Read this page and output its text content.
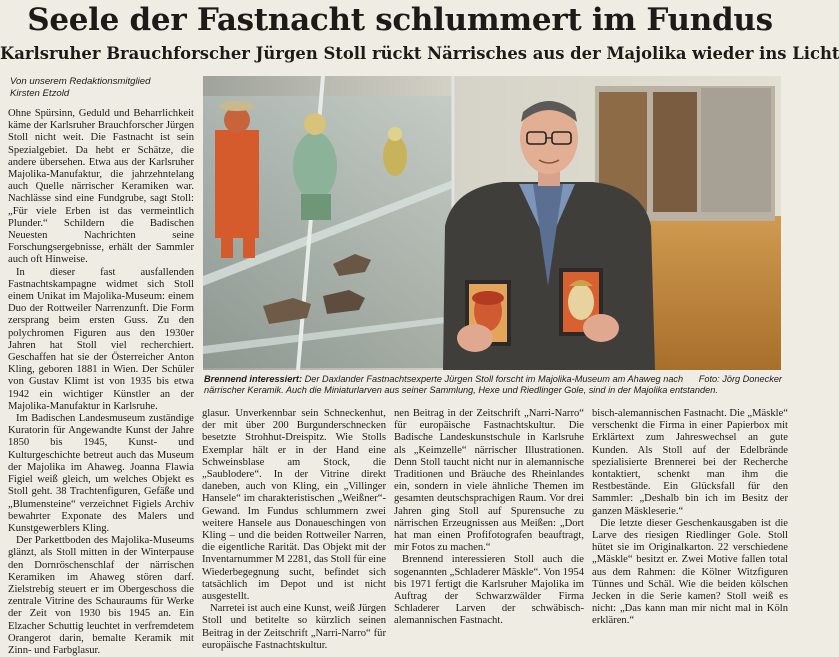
Seele der Fastnacht schlummert im Fundus
Karlsruher Brauchforscher Jürgen Stoll rückt Närrisches aus der Majolika wieder ins Licht
Von unserem Redaktionsmitglied
Kirsten Etzold

Ohne Spürsinn, Geduld und Beharrlichkeit käme der Karlsruher Brauchforscher Jürgen Stoll nicht weit. Die Fastnacht ist sein Spezialgebiet. Da hebt er Schätze, die andere übersehen. Etwa aus der Karlsruher Majolika-Manufaktur, die jahrzehntelang auch Quelle närrischer Keramiken war. Nachlässe sind eine Fundgrube, sagt Stoll: „Für viele Erben ist das vermeintlich Plunder.“ Schildern die Badischen Neuesten Nachrichten seine Forschungsergebnisse, erhält der Sammler auch oft Hinweise.

In dieser fast ausfallenden Fastnachtskampagne widmet sich Stoll einem Unikat im Majolika-Museum: einem Duo der Rottweiler Narrenzunft. Die Form zersprang beim ersten Guss. Zu den polychromen Figuren aus den 1930er Jahren hat Stoll viel recherchiert. Geschaffen hat sie der Österreicher Anton Kling, geboren 1881 in Wien. Der Schüler von Gustav Klimt ist von 1935 bis etwa 1942 ein wichtiger Künstler an der Majolika-Manufaktur in Karlsruhe.

Im Badischen Landesmuseum zuständige Kuratorin für Angewandte Kunst der Jahre 1850 bis 1945, Kunst- und Kulturgeschichte betreut auch das Museum der Majolika im Ahaweg. Joanna Flawia Figiel weiß gleich, um welches Objekt es Stoll geht. 38 Trachtenfiguren, Gefäße und „Blumensteine“ verzeichnet Figiels Archiv bewahrter Exponate des Malers und Kunstgewerblers Kling.

Der Parkettboden des Majolika-Museums glänzt, als Stoll mitten in der Winterpause den Dornröschenschlaf der närrischen Keramiken im Ahaweg stören darf. Zielstrebig steuert er im Obergeschoss die zentrale Vitrine des Schauraums für Werke der Zeit von 1930 bis 1945 an. Ein Elzacher Schuttig leuchtet in verfremdetem Orangerot darin, bemalte Keramik mit Zinn- und Farbglasur.

Foto: Jörg Donecker
Brennend interessiert: Der Daxlander Fastnachtsexperte Jürgen Stoll forscht im Majolika-Museum am Ahaweg nach närrischer Keramik. Auch die Miniaturlarven aus seiner Sammlung, Hexe und Riedlinger Gole, sind in der Majolika entstanden.

glasur. Unverkennbar sein Schneckenhut, der mit über 200 Burgunderschnecken besetzte Strohhut-Dreispitz. Wie Stolls Exemplar hält er in der Hand eine Schweinsblase am Stock, die „Saublodere“. In der Vitrine direkt daneben, auch von Kling, ein „Villinger Hansele“ im charakteristischen „Weißner“-Gewand. Im Fundus schlummern zwei weitere Hansele aus Donaueschingen von Kling – und die beiden Rottweiler Narren, die eigentliche Rarität. Das Objekt mit der Inventarnummer M 2281, das Stoll für eine Wiederbegegnung sucht, befindet sich tatsächlich im Depot und ist nicht ausgestellt.

Narretei ist auch eine Kunst, weiß Jürgen Stoll und betitelte so kürzlich seinen Beitrag in der Zeitschrift „Narri-Narro“ für europäische Fastnachtskultur.

nen Beitrag in der Zeitschrift „Narri-Narro“ für europäische Fastnachtskultur. Die Badische Landeskunstschule in Karlsruhe als „Keimzelle“ närrischer Illustrationen. Denn Stoll taucht nicht nur in alemannische Traditionen und Bräuche des Rheinlandes ein, sondern in viele ähnliche Themen im gesamten deutschsprachigen Raum. Vor drei Jahren ging Stoll auf Spurensuche zu närrischen Erzeugnissen aus Meißen: „Dort hat man einen Profifotografen beauftragt, mir Fotos zu machen.“

Brennend interessieren Stoll auch die sogenannten „Schladerer Mäskle“. Von 1954 bis 1971 fertigt die Karlsruher Majolika im Auftrag der Schwarzwälder Firma Schladerer Larven der schwäbisch-alemannischen Fastnacht.

bisch-alemannischen Fastnacht. Die „Mäskle“ verschenkt die Firma in einer Papierbox mit Erklärtext zum Jahreswechsel an gute Kunden. Als Stoll auf der Edelbrände spezialisierte Brennerei bei der Recherche kontaktiert, schenkt man ihm die Restbestände. Ein Glücksfall für den Sammler: „Deshalb bin ich im Besitz der ganzen Mäskleserie.“

Die letzte dieser Geschenkausgaben ist die Larve des riesigen Riedlinger Gole. Stoll hütet sie im Originalkarton. 22 verschiedene „Mäskle“ besitzt er. Zwei Motive fallen total aus dem Rahmen: die Kölner Witzfiguren Tünnes und Schäl. Wie die beiden kölschen Jecken in die Serie kamen? Stoll weiß es nicht: „Das kann man mir nicht mal in Köln erklären.“
